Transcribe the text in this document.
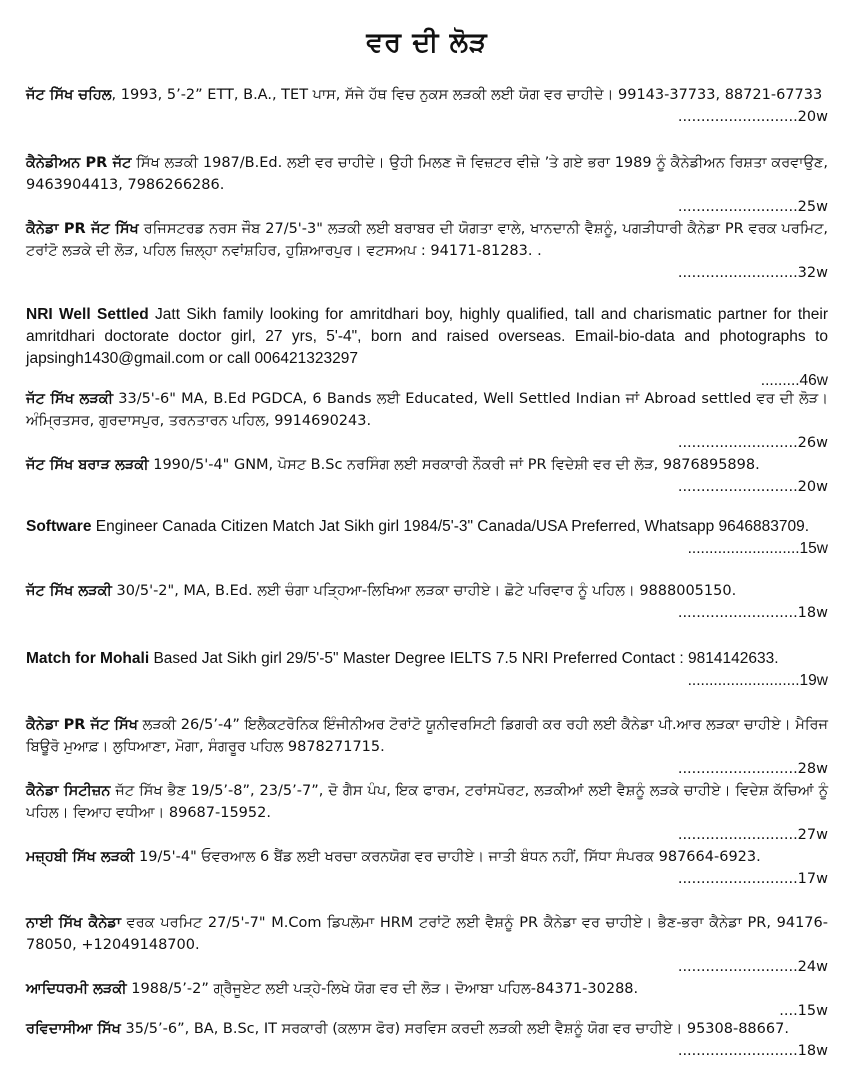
ਵਰ ਦੀ ਲੋੜ
ਜੱਟ ਸਿੱਖ ਚਹਿਲ, 1993, 5’-2” ETT, B.A., TET ਪਾਸ, ਸੱਜੇ ਹੱਥ ਵਿਚ ਨੁਕਸ ਲੜਕੀ ਲਈ ਯੋਗ ਵਰ ਚਾਹੀਦੇ। 99143-37733, 88721-67733
..........................20w
ਕੈਨੇਡੀਅਨ PR ਜੱਟ ਸਿੱਖ ਲੜਕੀ 1987/B.Ed. ਲਈ ਵਰ ਚਾਹੀਦੇ। ਉਹੀ ਮਿਲਣ ਜੋ ਵਿਜ਼ਟਰ ਵੀਜ਼ੇ ’ਤੇ ਗਏ ਭਰਾ 1989 ਨੂੰ ਕੈਨੇਡੀਅਨ ਰਿਸ਼ਤਾ ਕਰਵਾਉਣ, 9463904413, 7986266286.
..........................25w
ਕੈਨੇਡਾ PR ਜੱਟ ਸਿੱਖ ਰਜਿਸਟਰਡ ਨਰਸ ਜੌਬ 27/5'-3" ਲੜਕੀ ਲਈ ਬਰਾਬਰ ਦੀ ਯੋਗਤਾ ਵਾਲੇ, ਖਾਨਦਾਨੀ ਵੈਸ਼ਨੂੰ, ਪਗੜੀਧਾਰੀ ਕੈਨੇਡਾ PR ਵਰਕ ਪਰਮਿਟ, ਟਰਾਂਟੋ ਲੜਕੇ ਦੀ ਲੋੜ, ਪਹਿਲ ਜ਼ਿਲ੍ਹਾ ਨਵਾਂਸ਼ਹਿਰ, ਹੁਸ਼ਿਆਰਪੁਰ। ਵਟਸਅਪ : 94171-81283. .
..........................32w
NRI Well Settled Jatt Sikh family looking for amritdhari boy, highly qualified, tall and charismatic partner for their amritdhari doctorate doctor girl, 27 yrs, 5'-4", born and raised overseas. Email-bio-data and photographs to japsingh1430@gmail.com or call 006421323297
.........46w
ਜੱਟ ਸਿੱਖ ਲੜਕੀ 33/5'-6" MA, B.Ed PGDCA, 6 Bands ਲਈ Educated, Well Settled Indian ਜਾਂ Abroad settled ਵਰ ਦੀ ਲੋੜ। ਅੰਮ੍ਰਿਤਸਰ, ਗੁਰਦਾਸਪੁਰ, ਤਰਨਤਾਰਨ ਪਹਿਲ, 9914690243.
..........................26w
ਜੱਟ ਸਿੱਖ ਬਰਾੜ ਲੜਕੀ 1990/5'-4" GNM, ਪੋਸਟ B.Sc ਨਰਸਿੰਗ ਲਈ ਸਰਕਾਰੀ ਨੌਕਰੀ ਜਾਂ PR ਵਿਦੇਸ਼ੀ ਵਰ ਦੀ ਲੋੜ, 9876895898.
..........................20w
Software Engineer Canada Citizen Match Jat Sikh girl 1984/5'-3" Canada/USA Preferred, Whatsapp 9646883709.
..........................15w
ਜੱਟ ਸਿੱਖ ਲੜਕੀ 30/5'-2", MA, B.Ed. ਲਈ ਚੰਗਾ ਪੜ੍ਹਿਆ-ਲਿਖਿਆ ਲੜਕਾ ਚਾਹੀਏ। ਛੋਟੇ ਪਰਿਵਾਰ ਨੂੰ ਪਹਿਲ। 9888005150.
..........................18w
Match for Mohali Based Jat Sikh girl 29/5'-5" Master Degree IELTS 7.5 NRI Preferred Contact : 9814142633.
..........................19w
ਕੈਨੇਡਾ PR ਜੱਟ ਸਿੱਖ ਲੜਕੀ 26/5’-4” ਇਲੈਕਟਰੋਨਿਕ ਇੰਜੀਨੀਅਰ ਟੋਰਾਂਟੋ ਯੂਨੀਵਰਸਿਟੀ ਡਿਗਰੀ ਕਰ ਰਹੀ ਲਈ ਕੈਨੇਡਾ ਪੀ.ਆਰ ਲੜਕਾ ਚਾਹੀਏ। ਮੈਰਿਜ ਬਿਊਰੋ ਮੁਆਫ਼। ਲੁਧਿਆਣਾ, ਮੋਗਾ, ਸੰਗਰੂਰ ਪਹਿਲ 9878271715.
..........................28w
ਕੈਨੇਡਾ ਸਿਟੀਜ਼ਨ ਜੱਟ ਸਿੱਖ ਭੈਣ 19/5’-8”, 23/5’-7”, ਦੋ ਗੈਸ ਪੰਪ, ਇਕ ਫਾਰਮ, ਟਰਾਂਸਪੋਰਟ, ਲੜਕੀਆਂ ਲਈ ਵੈਸ਼ਨੂੰ ਲੜਕੇ ਚਾਹੀਏ। ਵਿਦੇਸ਼ ਕੱਚਿਆਂ ਨੂੰ ਪਹਿਲ। ਵਿਆਹ ਵਧੀਆ। 89687-15952.
..........................27w
ਮਜ਼੍ਹਬੀ ਸਿੱਖ ਲੜਕੀ 19/5'-4" ਓਵਰਆਲ 6 ਬੈਂਡ ਲਈ ਖਰਚਾ ਕਰਨਯੋਗ ਵਰ ਚਾਹੀਏ। ਜਾਤੀ ਬੰਧਨ ਨਹੀਂ, ਸਿੱਧਾ ਸੰਪਰਕ 987664-6923.
..........................17w
ਨਾਈ ਸਿੱਖ ਕੈਨੇਡਾ ਵਰਕ ਪਰਮਿਟ 27/5'-7" M.Com ਡਿਪਲੋਮਾ HRM ਟਰਾਂਟੋ ਲਈ ਵੈਸ਼ਨੂੰ PR ਕੈਨੇਡਾ ਵਰ ਚਾਹੀਏ। ਭੈਣ-ਭਰਾ ਕੈਨੇਡਾ PR, 94176-78050, +12049148700.
..........................24w
ਆਦਿਧਰਮੀ ਲੜਕੀ 1988/5’-2” ਗ੍ਰੈਜੂਏਟ ਲਈ ਪੜ੍ਹੇ-ਲਿਖੇ ਯੋਗ ਵਰ ਦੀ ਲੋੜ। ਦੋਆਬਾ ਪਹਿਲ-84371-30288.
....15w
ਰਵਿਦਾਸੀਆ ਸਿੱਖ 35/5’-6”, BA, B.Sc, IT ਸਰਕਾਰੀ (ਕਲਾਸ ਫੋਰ) ਸਰਵਿਸ ਕਰਦੀ ਲੜਕੀ ਲਈ ਵੈਸ਼ਨੂੰ ਯੋਗ ਵਰ ਚਾਹੀਏ। 95308-88667.
..........................18w
